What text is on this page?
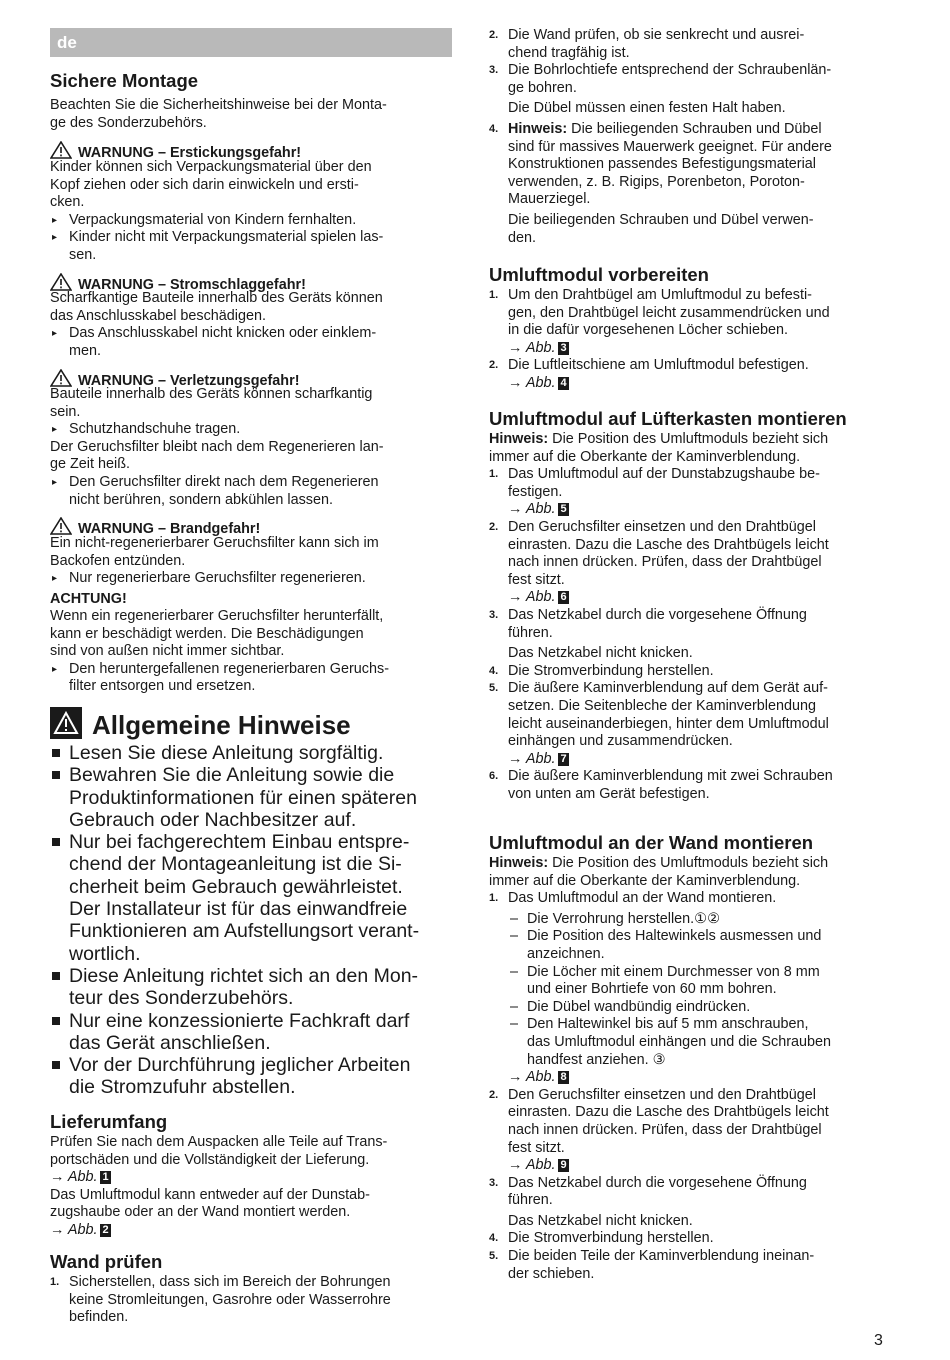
de
Sichere Montage
Beachten Sie die Sicherheitshinweise bei der Monta-
ge des Sonderzubehörs.
WARNUNG – Erstickungsgefahr!
Kinder können sich Verpackungsmaterial über den
Kopf ziehen oder sich darin einwickeln und ersti-
cken.
▸ Verpackungsmaterial von Kindern fernhalten.
▸ Kinder nicht mit Verpackungsmaterial spielen las-
sen.
WARNUNG – Stromschlaggefahr!
Scharfkantige Bauteile innerhalb des Geräts können
das Anschlusskabel beschädigen.
▸ Das Anschlusskabel nicht knicken oder einklem-
men.
WARNUNG – Verletzungsgefahr!
Bauteile innerhalb des Geräts können scharfkantig
sein.
▸ Schutzhandschuhe tragen.
Der Geruchsfilter bleibt nach dem Regenerieren lan-
ge Zeit heiß.
▸ Den Geruchsfilter direkt nach dem Regenerieren
nicht berühren, sondern abkühlen lassen.
WARNUNG – Brandgefahr!
Ein nicht-regenerierbarer Geruchsfilter kann sich im
Backofen entzünden.
▸ Nur regenerierbare Geruchsfilter regenerieren.
ACHTUNG!
Wenn ein regenerierbarer Geruchsfilter herunterfällt,
kann er beschädigt werden. Die Beschädigungen
sind von außen nicht immer sichtbar.
▸ Den heruntergefallenen regenerierbaren Geruchs-
filter entsorgen und ersetzen.
Allgemeine Hinweise
Lesen Sie diese Anleitung sorgfältig.
Bewahren Sie die Anleitung sowie die
Produktinformationen für einen späteren
Gebrauch oder Nachbesitzer auf.
Nur bei fachgerechtem Einbau entspre-
chend der Montageanleitung ist die Si-
cherheit beim Gebrauch gewährleistet.
Der Installateur ist für das einwandfreie
Funktionieren am Aufstellungsort verant-
wortlich.
Diese Anleitung richtet sich an den Mon-
teur des Sonderzubehörs.
Nur eine konzessionierte Fachkraft darf
das Gerät anschließen.
Vor der Durchführung jeglicher Arbeiten
die Stromzufuhr abstellen.
Lieferumfang
Prüfen Sie nach dem Auspacken alle Teile auf Trans-
portschäden und die Vollständigkeit der Lieferung.
→ Abb. 1
Das Umluftmodul kann entweder auf der Dunstab-
zugshaube oder an der Wand montiert werden.
→ Abb. 2
Wand prüfen
1. Sicherstellen, dass sich im Bereich der Bohrungen
keine Stromleitungen, Gasrohre oder Wasserrohre
befinden.
2. Die Wand prüfen, ob sie senkrecht und ausrei-
chend tragfähig ist.
3. Die Bohrlochtiefe entsprechend der Schraubenlän-
ge bohren.
Die Dübel müssen einen festen Halt haben.
4. Hinweis: Die beiliegenden Schrauben und Dübel
sind für massives Mauerwerk geeignet. Für andere
Konstruktionen passendes Befestigungsmaterial
verwenden, z. B. Rigips, Porenbeton, Poroton-
Mauerziegel.
Die beiliegenden Schrauben und Dübel verwen-
den.
Umluftmodul vorbereiten
1. Um den Drahtbügel am Umluftmodul zu befesti-
gen, den Drahtbügel leicht zusammendrücken und
in die dafür vorgesehenen Löcher schieben.
→ Abb. 3
2. Die Luftleitschiene am Umluftmodul befestigen.
→ Abb. 4
Umluftmodul auf Lüfterkasten montieren
Hinweis: Die Position des Umluftmoduls bezieht sich
immer auf die Oberkante der Kaminverblendung.
1. Das Umluftmodul auf der Dunstabzugshaube be-
festigen.
→ Abb. 5
2. Den Geruchsfilter einsetzen und den Drahtbügel
einrasten. Dazu die Lasche des Drahtbügels leicht
nach innen drücken. Prüfen, dass der Drahtbügel
fest sitzt.
→ Abb. 6
3. Das Netzkabel durch die vorgesehene Öffnung
führen.
Das Netzkabel nicht knicken.
4. Die Stromverbindung herstellen.
5. Die äußere Kaminverblendung auf dem Gerät auf-
setzen. Die Seitenbleche der Kaminverblendung
leicht auseinanderbiegen, hinter dem Umluftmodul
einhängen und zusammendrücken.
→ Abb. 7
6. Die äußere Kaminverblendung mit zwei Schrauben
von unten am Gerät befestigen.
Umluftmodul an der Wand montieren
Hinweis: Die Position des Umluftmoduls bezieht sich
immer auf die Oberkante der Kaminverblendung.
1. Das Umluftmodul an der Wand montieren.
– Die Verrohrung herstellen.①②
– Die Position des Haltewinkels ausmessen und
anzeichnen.
– Die Löcher mit einem Durchmesser von 8 mm
und einer Bohrtiefe von 60 mm bohren.
– Die Dübel wandbündig eindrücken.
– Den Haltewinkel bis auf 5 mm anschrauben,
das Umluftmodul einhängen und die Schrauben
handfest anziehen. ③
→ Abb. 8
2. Den Geruchsfilter einsetzen und den Drahtbügel
einrasten. Dazu die Lasche des Drahtbügels leicht
nach innen drücken. Prüfen, dass der Drahtbügel
fest sitzt.
→ Abb. 9
3. Das Netzkabel durch die vorgesehene Öffnung
führen.
Das Netzkabel nicht knicken.
4. Die Stromverbindung herstellen.
5. Die beiden Teile der Kaminverblendung ineinan-
der schieben.
3
